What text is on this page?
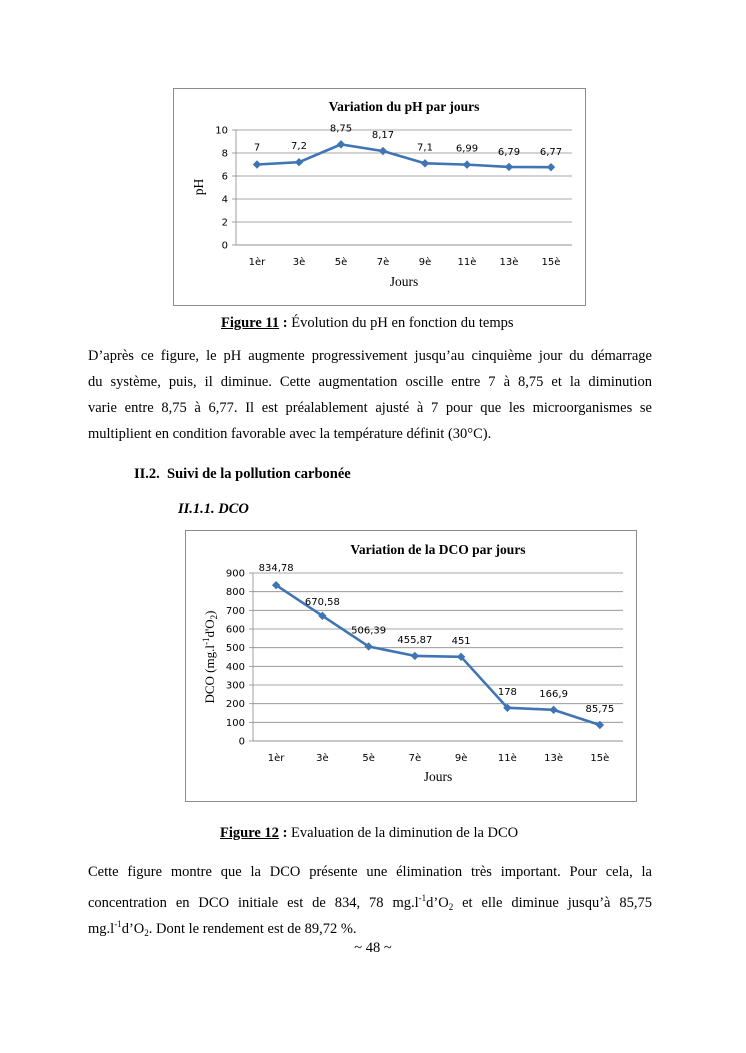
Variation du pH par jours
0
2
4
6
8
10
1èr	3è	5è	7è	9è	11è 13è 15è
7	7,2
8,75
8,17
7,1 6,99 6,79 6,77
Jours
pH
Figure 11 : Évolution du pH en fonction du temps
D’après ce figure, le pH augmente progressivement jusqu’au cinquième jour du démarrage
du système, puis, il diminue. Cette augmentation oscille entre 7 à 8,75 et la diminution
varie entre 8,75 à 6,77. Il est préalablement ajusté à 7 pour que les microorganismes se
multiplient en condition favorable avec la température définit (30°C).
II.2. Suivi de la pollution carbonée
II.1.1. DCO
Variation de la DCO par jours
0
100
200
300
400
500
600
700
800
900
1èr	3è	5è	7è	9è	11è	13è	15è
834,78
670,58
506,39
455,87 451
178 166,9
85,75
Jours
DCO $(mg.l^{-1}d'O_2)$
Figure 12 : Evaluation de la diminution de la DCO
Cette figure montre que la DCO présente une élimination très important. Pour cela, la
concentration en DCO initiale est de 834, 78 $mg.l^{-1}d’O_2$ et elle diminue jusqu’à 85,75
$mg.l^{-1}d’O_2$. Dont le rendement est de 89,72 %.
~ 48 ~
